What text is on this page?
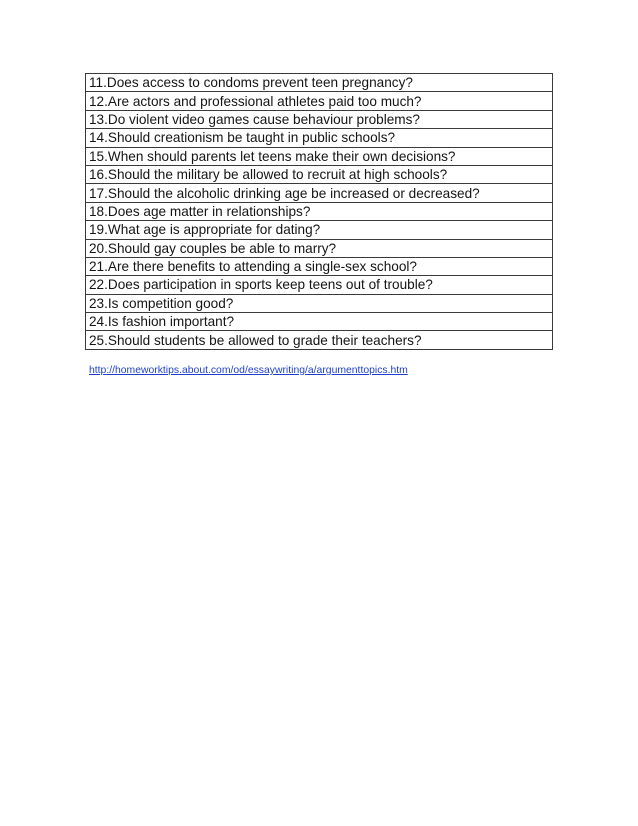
11.Does access to condoms prevent teen pregnancy?
12.Are actors and professional athletes paid too much?
13.Do violent video games cause behaviour problems?
14.Should creationism be taught in public schools?
15.When should parents let teens make their own decisions?
16.Should the military be allowed to recruit at high schools?
17.Should the alcoholic drinking age be increased or decreased?
18.Does age matter in relationships?
19.What age is appropriate for dating?
20.Should gay couples be able to marry?
21.Are there benefits to attending a single-sex school?
22.Does participation in sports keep teens out of trouble?
23.Is competition good?
24.Is fashion important?
25.Should students be allowed to grade their teachers?
http://homeworktips.about.com/od/essaywriting/a/argumenttopics.htm
